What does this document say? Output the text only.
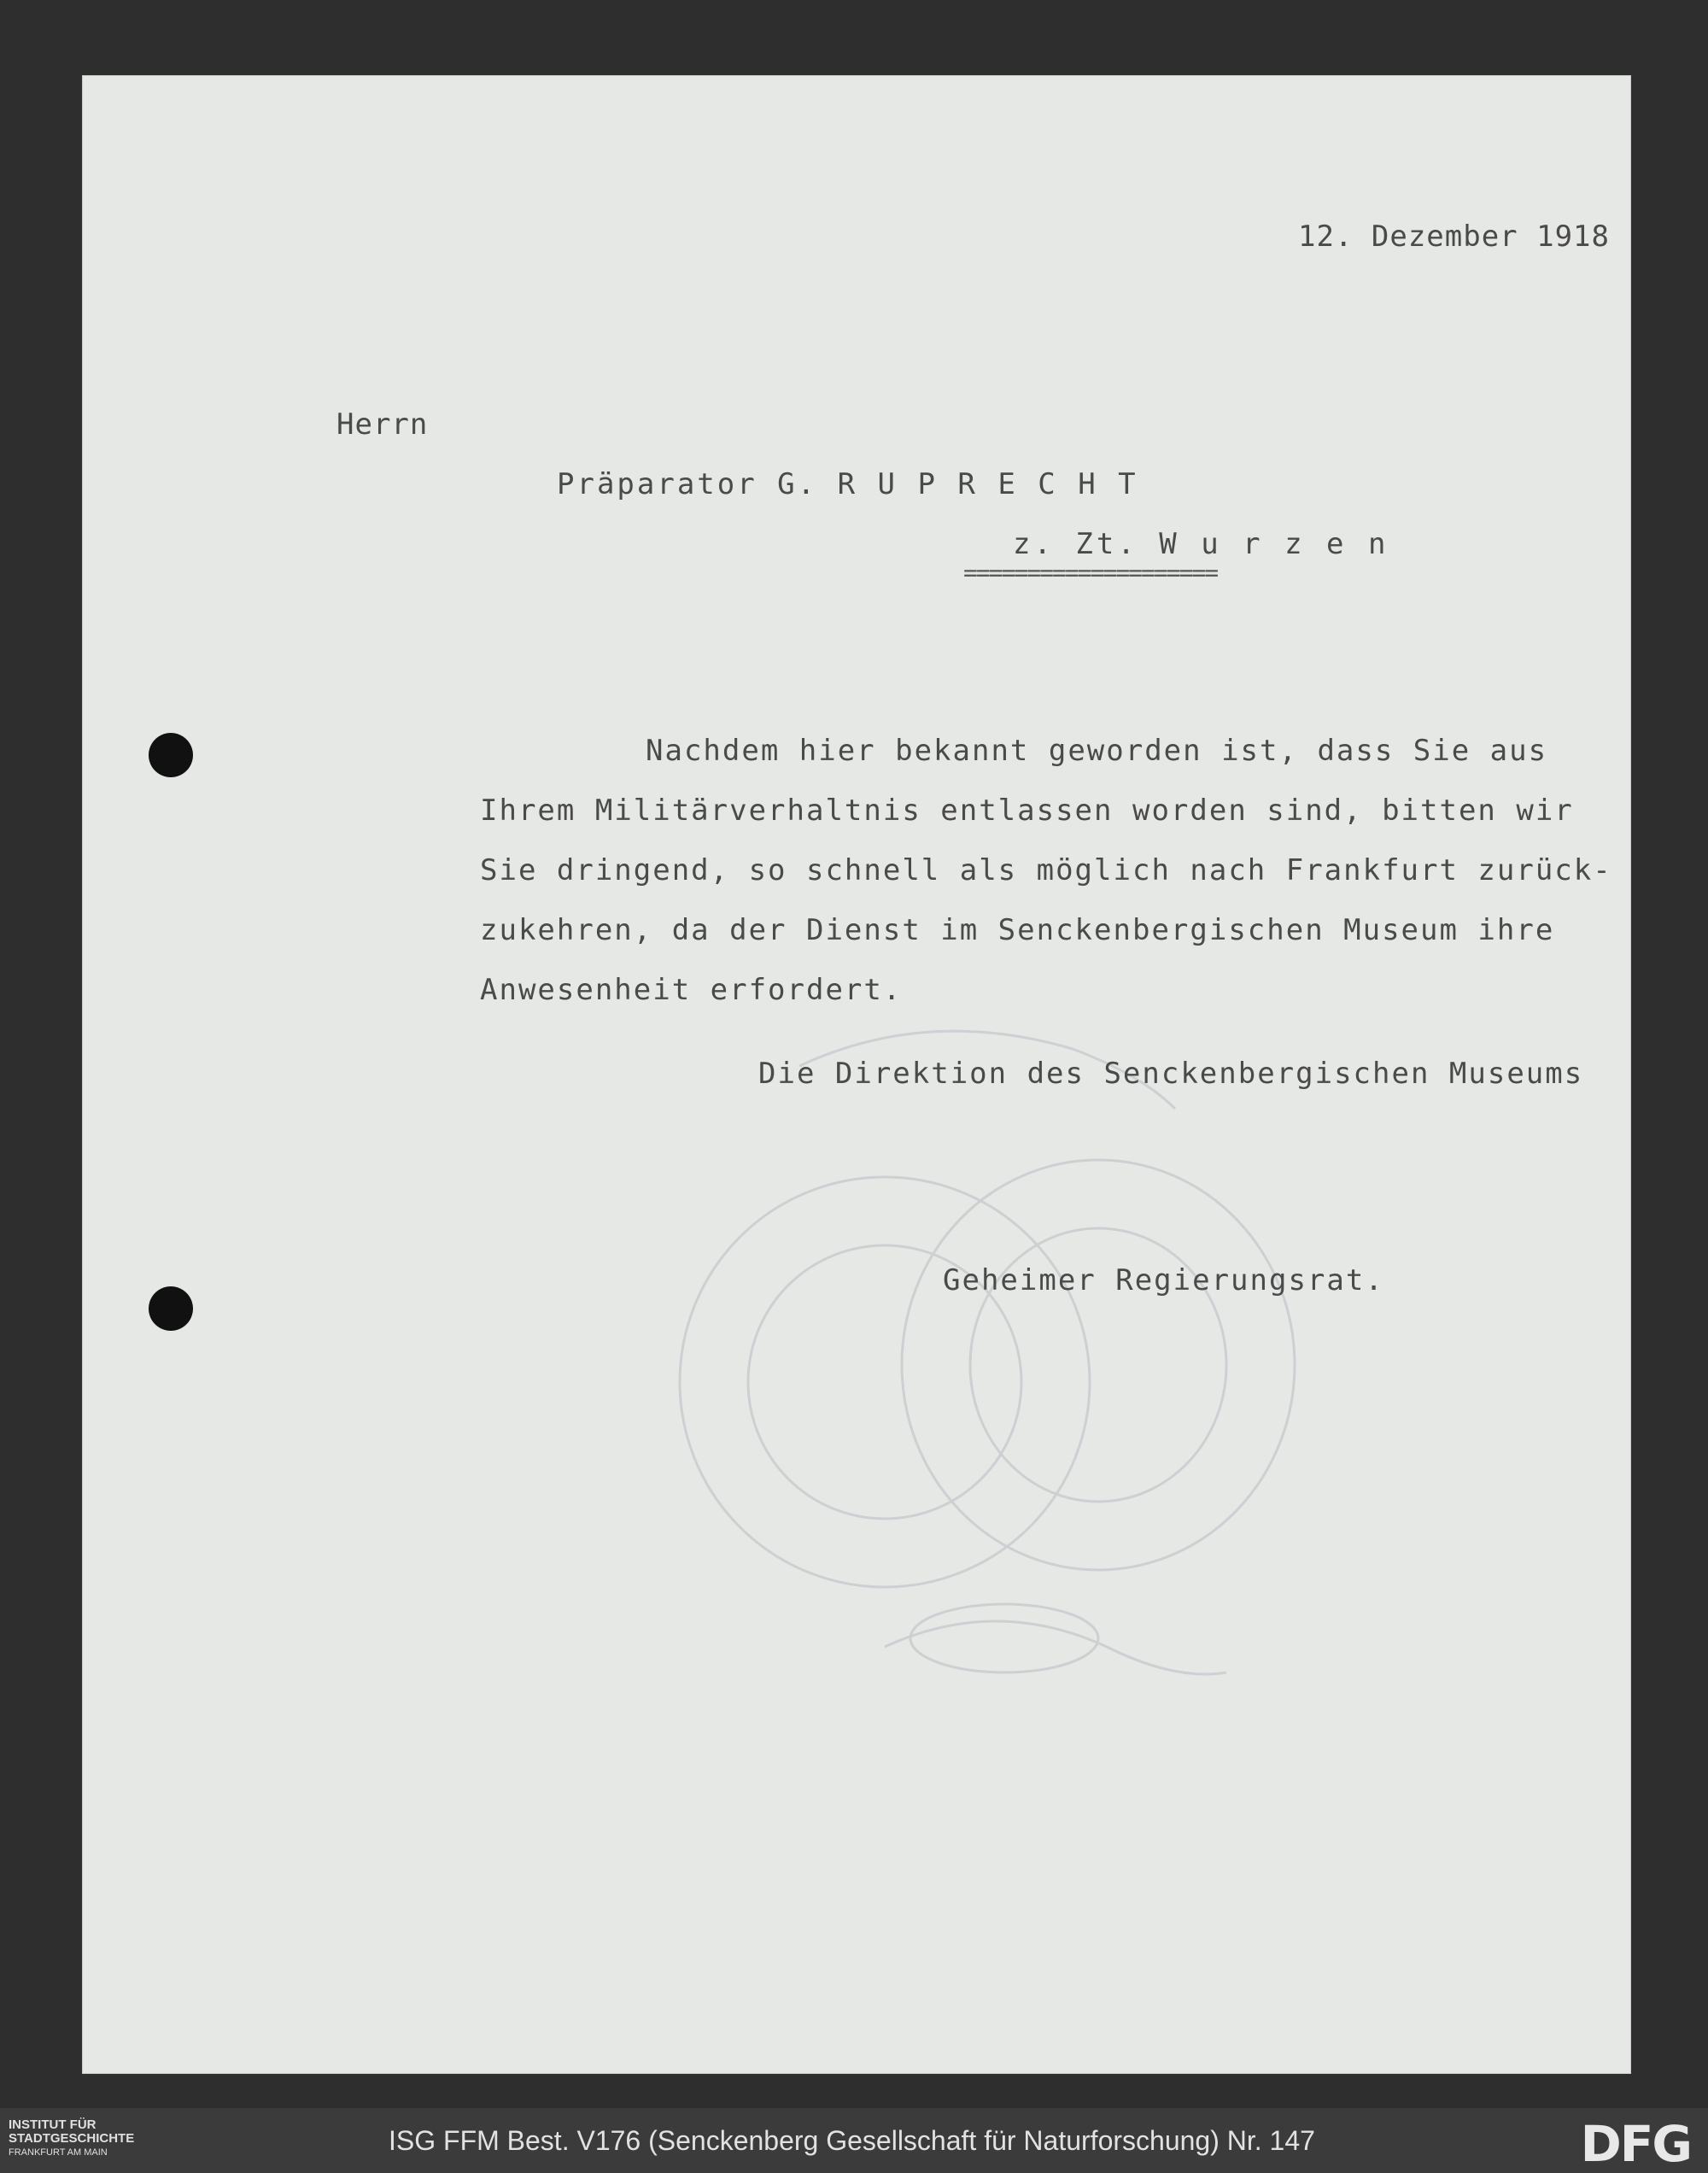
12. Dezember 1918
Herrn
Präparator G. R U P R E C H T
z. Zt. W u r z e n
====================
Nachdem hier bekannt geworden ist, dass Sie aus
Ihrem Militärverhaltnis entlassen worden sind, bitten wir
Sie dringend, so schnell als möglich nach Frankfurt zurück-
zukehren, da der Dienst im Senckenbergischen Museum ihre
Anwesenheit erfordert.
Die Direktion des Senckenbergischen Museums
Geheimer Regierungsrat.
INSTITUT FÜR
STADTGESCHICHTE
FRANKFURT AM MAIN	ISG FFM Best. V176 (Senckenberg Gesellschaft für Naturforschung) Nr. 147	DFG
